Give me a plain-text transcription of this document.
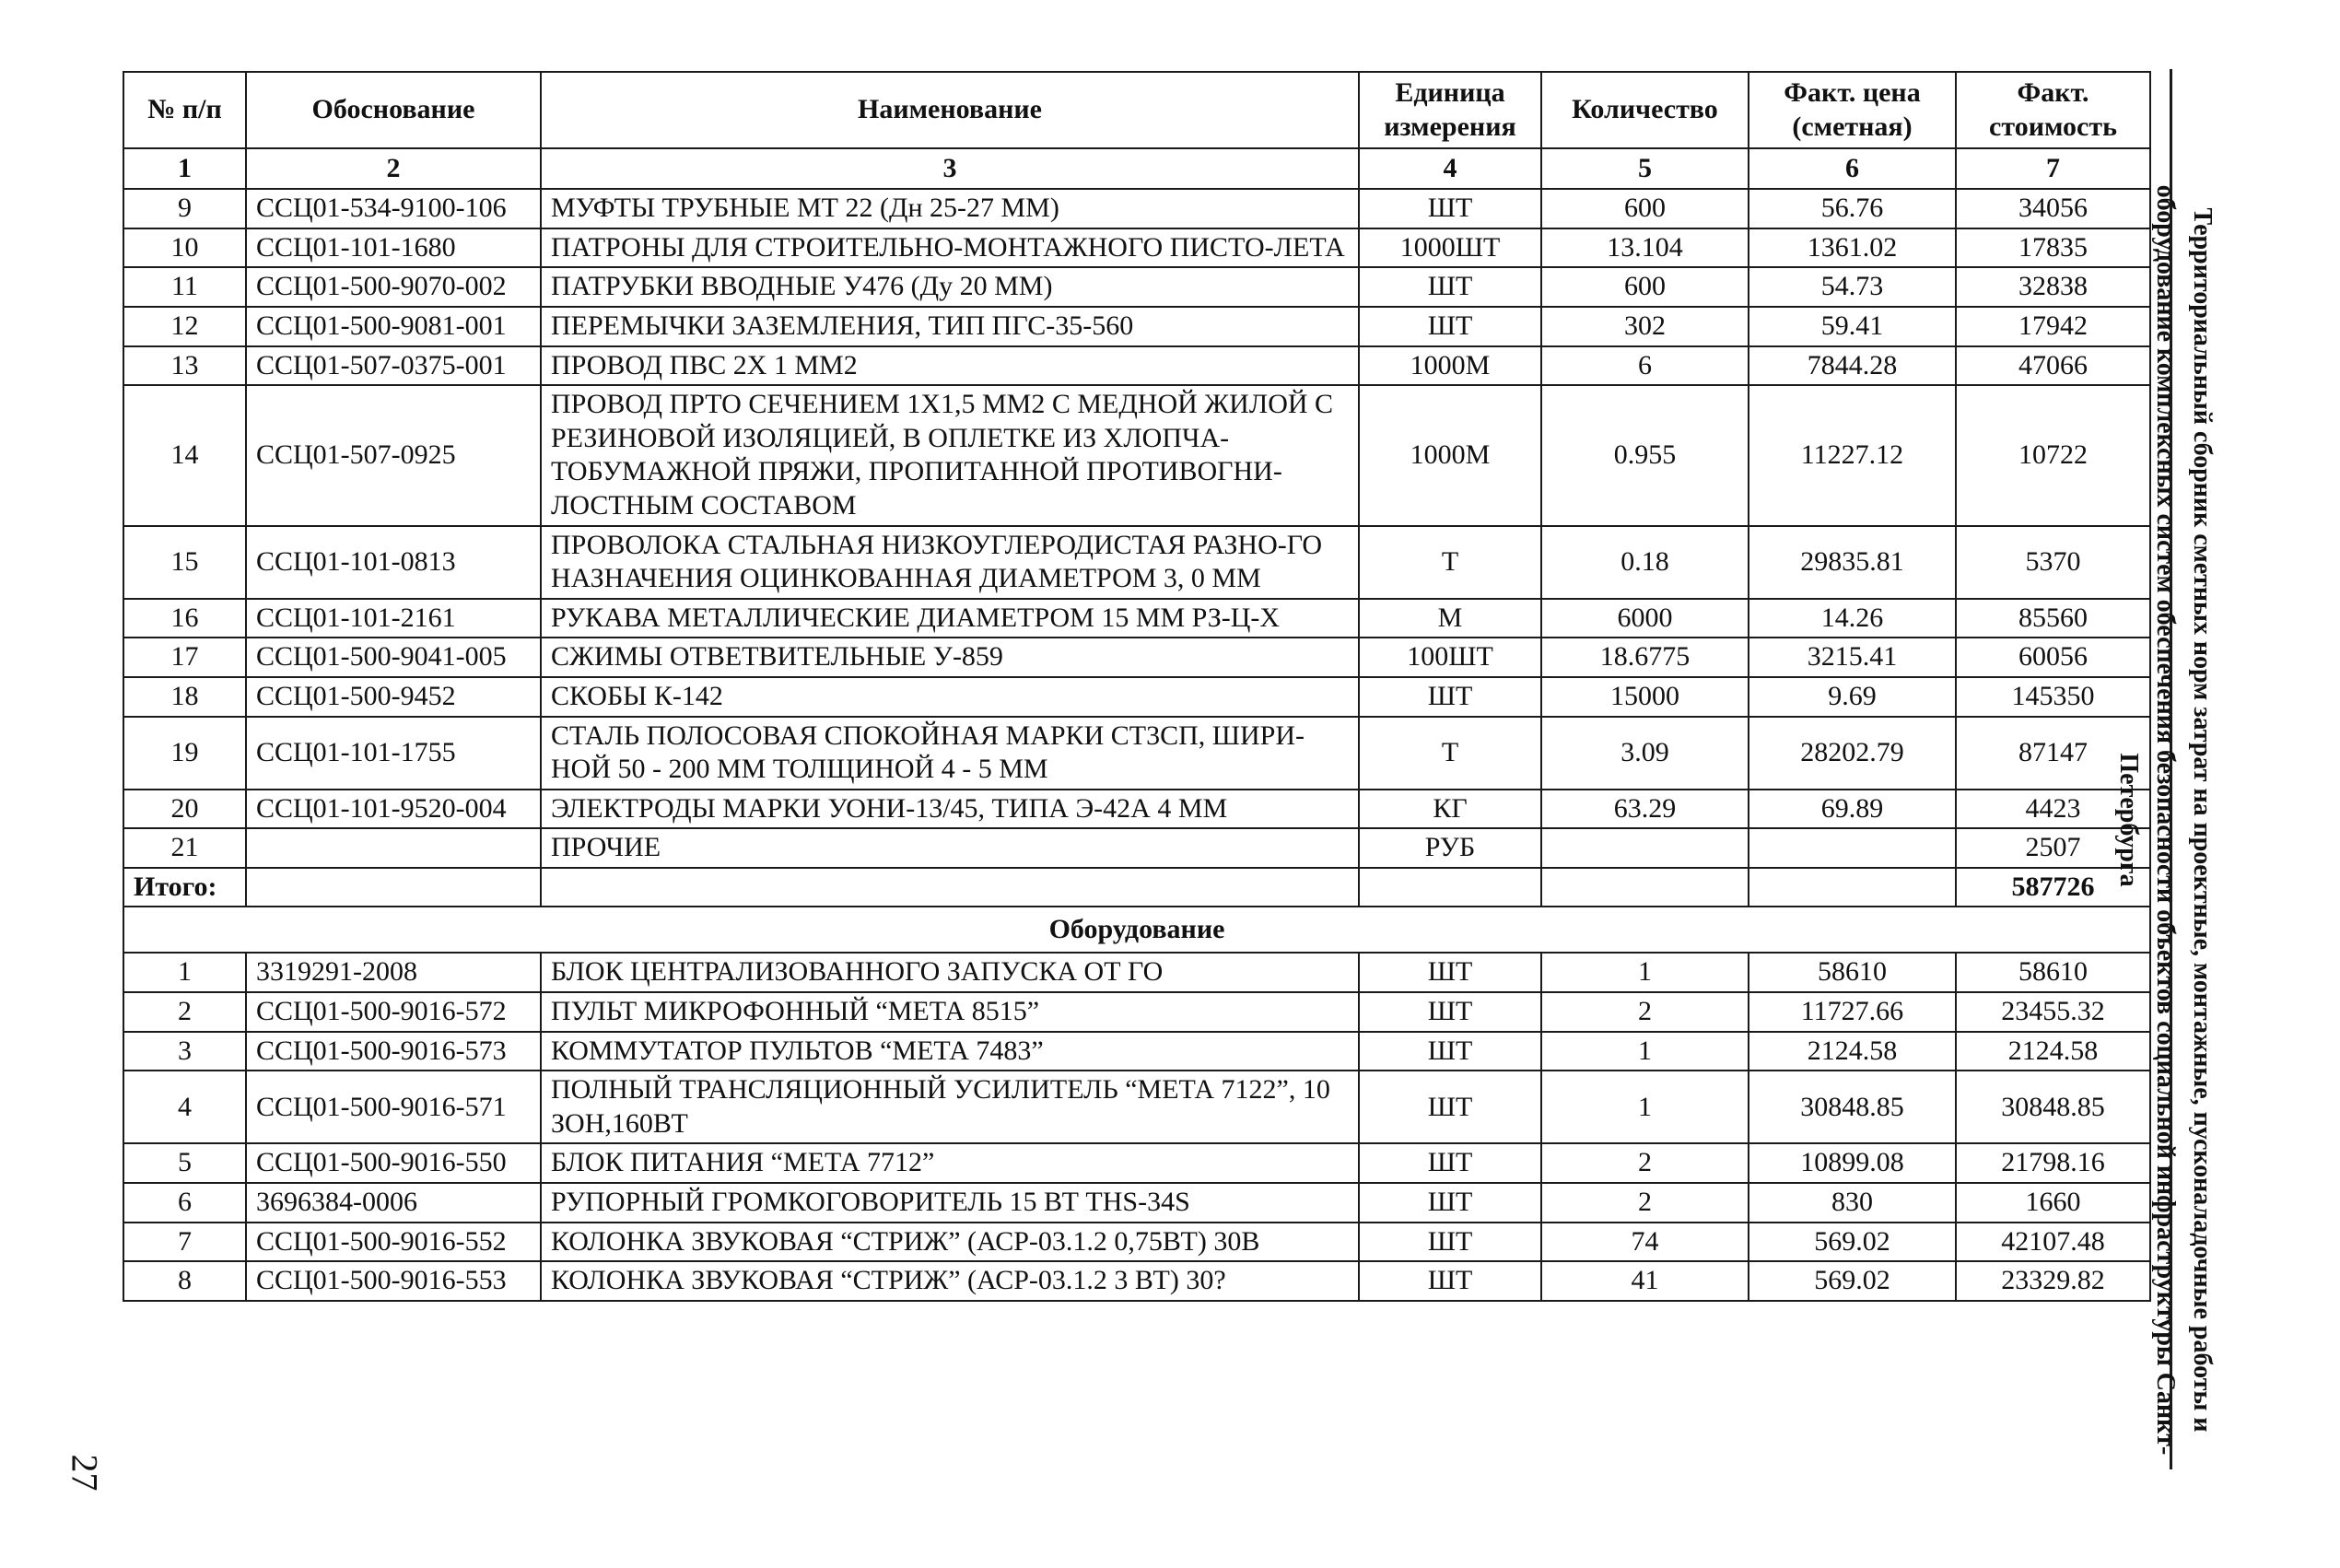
№ п/п	Обоснование	Наименование	Единица измерения	Количество	Факт. цена (сметная)	Факт. стоимость
1	2	3	4	5	6	7
9	ССЦ01-534-9100-106	МУФТЫ ТРУБНЫЕ МТ 22 (Дн 25-27 ММ)	ШТ	600	56.76	34056
10	ССЦ01-101-1680	ПАТРОНЫ ДЛЯ СТРОИТЕЛЬНО-МОНТАЖНОГО ПИСТО-ЛЕТА	1000ШТ	13.104	1361.02	17835
11	ССЦ01-500-9070-002	ПАТРУБКИ ВВОДНЫЕ У476 (Ду 20 ММ)	ШТ	600	54.73	32838
12	ССЦ01-500-9081-001	ПЕРЕМЫЧКИ ЗАЗЕМЛЕНИЯ, ТИП ПГС-35-560	ШТ	302	59.41	17942
13	ССЦ01-507-0375-001	ПРОВОД ПВС 2Х 1 ММ2	1000М	6	7844.28	47066
14	ССЦ01-507-0925	ПРОВОД ПРТО СЕЧЕНИЕМ 1Х1,5 ММ2 С МЕДНОЙ ЖИЛОЙ С РЕЗИНОВОЙ ИЗОЛЯЦИЕЙ, В ОПЛЕТКЕ ИЗ ХЛОПЧА-ТОБУМАЖНОЙ ПРЯЖИ, ПРОПИТАННОЙ ПРОТИВОГНИ-ЛОСТНЫМ СОСТАВОМ	1000М	0.955	11227.12	10722
15	ССЦ01-101-0813	ПРОВОЛОКА СТАЛЬНАЯ НИЗКОУГЛЕРОДИСТАЯ РАЗНО-ГО НАЗНАЧЕНИЯ ОЦИНКОВАННАЯ ДИАМЕТРОМ 3, 0 ММ	Т	0.18	29835.81	5370
16	ССЦ01-101-2161	РУКАВА МЕТАЛЛИЧЕСКИЕ ДИАМЕТРОМ 15 ММ РЗ-Ц-Х	М	6000	14.26	85560
17	ССЦ01-500-9041-005	СЖИМЫ ОТВЕТВИТЕЛЬНЫЕ У-859	100ШТ	18.6775	3215.41	60056
18	ССЦ01-500-9452	СКОБЫ К-142	ШТ	15000	9.69	145350
19	ССЦ01-101-1755	СТАЛЬ ПОЛОСОВАЯ СПОКОЙНАЯ МАРКИ СТ3СП, ШИРИ-НОЙ 50 - 200 ММ ТОЛЩИНОЙ 4 - 5 ММ	Т	3.09	28202.79	87147
20	ССЦ01-101-9520-004	ЭЛЕКТРОДЫ МАРКИ УОНИ-13/45, ТИПА Э-42А 4 ММ	КГ	63.29	69.89	4423
21		ПРОЧИЕ	РУБ			2507
Итого:						587726
Оборудование						
1	3319291-2008	БЛОК ЦЕНТРАЛИЗОВАННОГО ЗАПУСКА ОТ ГО	ШТ	1	58610	58610
2	ССЦ01-500-9016-572	ПУЛЬТ МИКРОФОННЫЙ “МЕТА 8515”	ШТ	2	11727.66	23455.32
3	ССЦ01-500-9016-573	КОММУТАТОР ПУЛЬТОВ “МЕТА 7483”	ШТ	1	2124.58	2124.58
4	ССЦ01-500-9016-571	ПОЛНЫЙ ТРАНСЛЯЦИОННЫЙ УСИЛИТЕЛЬ “МЕТА 7122”, 10 ЗОН,160ВТ	ШТ	1	30848.85	30848.85
5	ССЦ01-500-9016-550	БЛОК ПИТАНИЯ “МЕТА 7712”	ШТ	2	10899.08	21798.16
6	3696384-0006	РУПОРНЫЙ ГРОМКОГОВОРИТЕЛЬ 15 ВТ THS-34S	ШТ	2	830	1660
7	ССЦ01-500-9016-552	КОЛОНКА ЗВУКОВАЯ “СТРИЖ” (АСР-03.1.2 0,75ВТ) 30В	ШТ	74	569.02	42107.48
8	ССЦ01-500-9016-553	КОЛОНКА ЗВУКОВАЯ “СТРИЖ” (АСР-03.1.2 3 ВТ) 30?	ШТ	41	569.02	23329.82	Территориальный сборник сметных норм затрат на проектные, монтажные, пусконаладочные работы и оборудование комплексных систем обеспечения безопасности объектов социальной инфраструктуры Санкт-Петербурга
27
